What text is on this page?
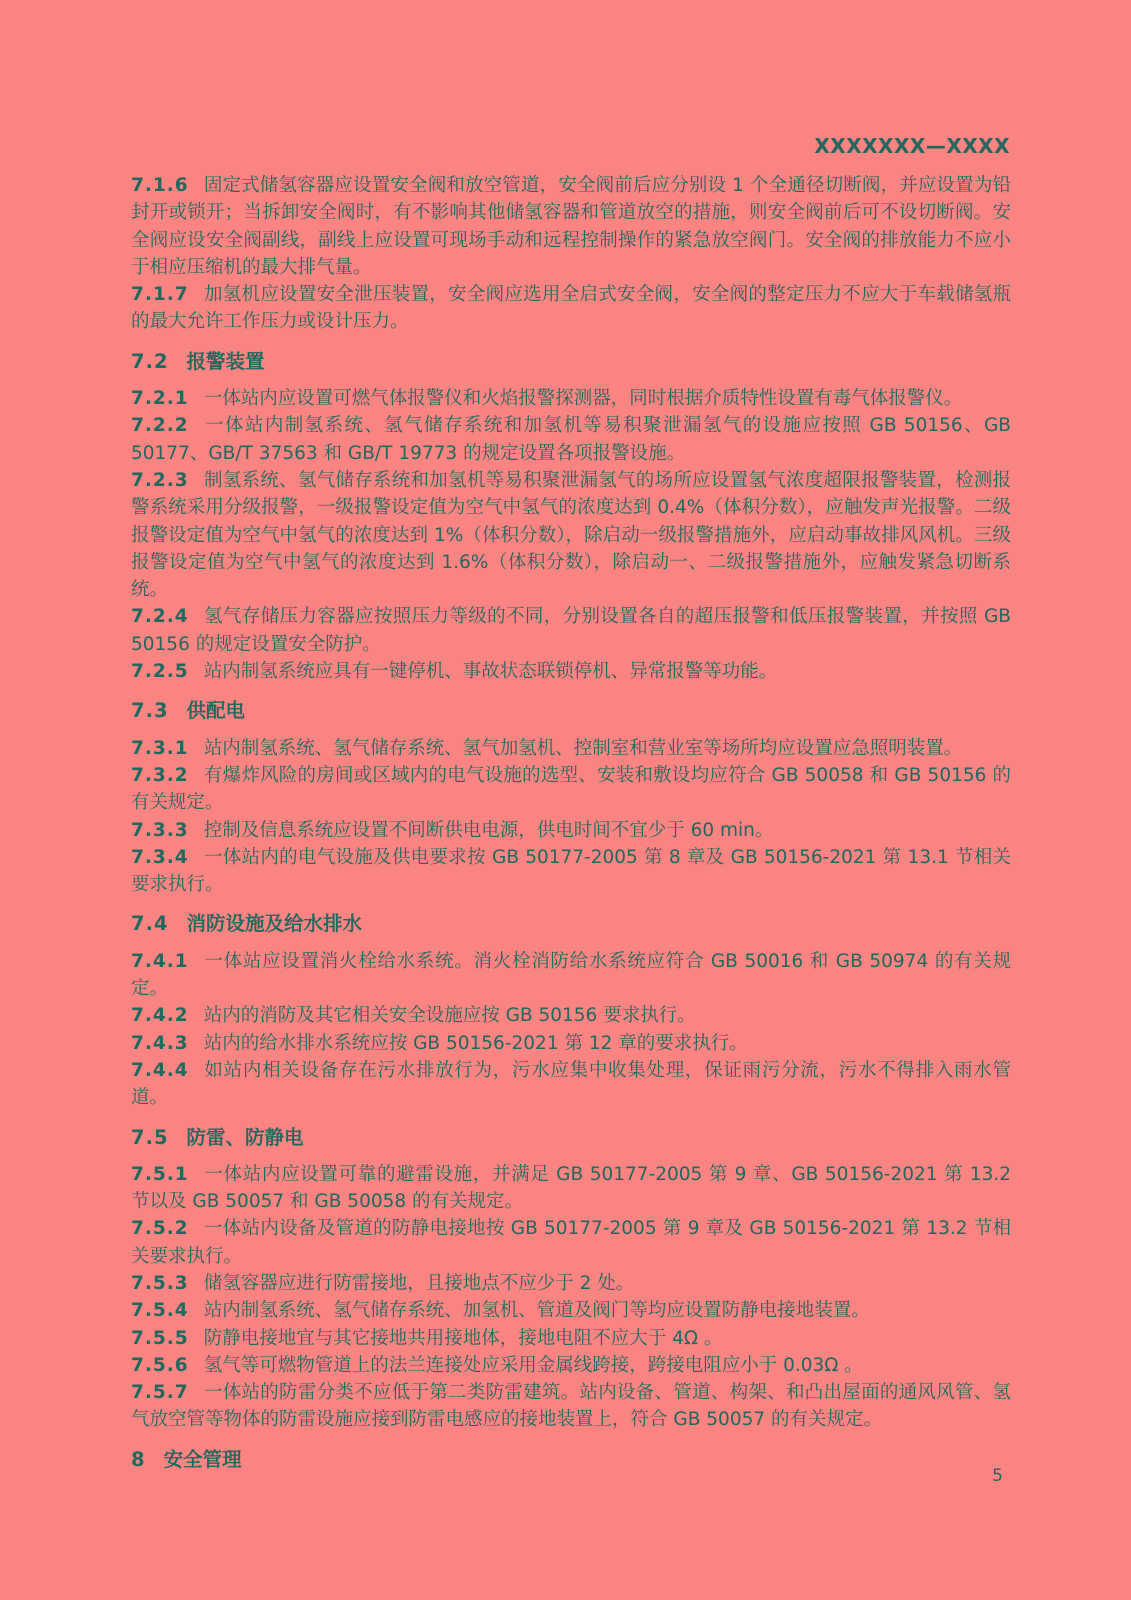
XXXXXXX—XXXX

7.1.6 固定式储氢容器应设置安全阀和放空管道，安全阀前后应分别设 1 个全通径切断阀，并应设置为铅封开或锁开；当拆卸安全阀时，有不影响其他储氢容器和管道放空的措施，则安全阀前后可不设切断阀。安全阀应设安全阀副线，副线上应设置可现场手动和远程控制操作的紧急放空阀门。安全阀的排放能力不应小于相应压缩机的最大排气量。

7.1.7 加氢机应设置安全泄压装置，安全阀应选用全启式安全阀，安全阀的整定压力不应大于车载储氢瓶的最大允许工作压力或设计压力。

7.2 报警装置

7.2.1 一体站内应设置可燃气体报警仪和火焰报警探测器，同时根据介质特性设置有毒气体报警仪。

7.2.2 一体站内制氢系统、氢气储存系统和加氢机等易积聚泄漏氢气的设施应按照 GB 50156、GB 50177、GB/T 37563 和 GB/T 19773 的规定设置各项报警设施。

7.2.3 制氢系统、氢气储存系统和加氢机等易积聚泄漏氢气的场所应设置氢气浓度超限报警装置，检测报警系统采用分级报警，一级报警设定值为空气中氢气的浓度达到 0.4%（体积分数），应触发声光报警。二级报警设定值为空气中氢气的浓度达到 1%（体积分数），除启动一级报警措施外，应启动事故排风风机。三级报警设定值为空气中氢气的浓度达到 1.6%（体积分数），除启动一、二级报警措施外，应触发紧急切断系统。

7.2.4 氢气存储压力容器应按照压力等级的不同，分别设置各自的超压报警和低压报警装置，并按照 GB 50156 的规定设置安全防护。

7.2.5 站内制氢系统应具有一键停机、事故状态联锁停机、异常报警等功能。

7.3 供配电

7.3.1 站内制氢系统、氢气储存系统、氢气加氢机、控制室和营业室等场所均应设置应急照明装置。

7.3.2 有爆炸风险的房间或区域内的电气设施的选型、安装和敷设均应符合 GB 50058 和 GB 50156 的有关规定。

7.3.3 控制及信息系统应设置不间断供电电源，供电时间不宜少于 60 min。

7.3.4 一体站内的电气设施及供电要求按 GB 50177-2005 第 8 章及 GB 50156-2021 第 13.1 节相关要求执行。

7.4 消防设施及给水排水

7.4.1 一体站应设置消火栓给水系统。消火栓消防给水系统应符合 GB 50016 和 GB 50974 的有关规定。

7.4.2 站内的消防及其它相关安全设施应按 GB 50156 要求执行。

7.4.3 站内的给水排水系统应按 GB 50156-2021 第 12 章的要求执行。

7.4.4 如站内相关设备存在污水排放行为，污水应集中收集处理，保证雨污分流，污水不得排入雨水管道。

7.5 防雷、防静电

7.5.1 一体站内应设置可靠的避雷设施，并满足 GB 50177-2005 第 9 章、GB 50156-2021 第 13.2 节以及 GB 50057 和 GB 50058 的有关规定。

7.5.2 一体站内设备及管道的防静电接地按 GB 50177-2005 第 9 章及 GB 50156-2021 第 13.2 节相关要求执行。

7.5.3 储氢容器应进行防雷接地，且接地点不应少于 2 处。

7.5.4 站内制氢系统、氢气储存系统、加氢机、管道及阀门等均应设置防静电接地装置。

7.5.5 防静电接地宜与其它接地共用接地体，接地电阻不应大于 4Ω 。

7.5.6 氢气等可燃物管道上的法兰连接处应采用金属线跨接，跨接电阻应小于 0.03Ω 。

7.5.7 一体站的防雷分类不应低于第二类防雷建筑。站内设备、管道、构架、和凸出屋面的通风风管、氢气放空管等物体的防雷设施应接到防雷电感应的接地装置上，符合 GB 50057 的有关规定。

8 安全管理
5
